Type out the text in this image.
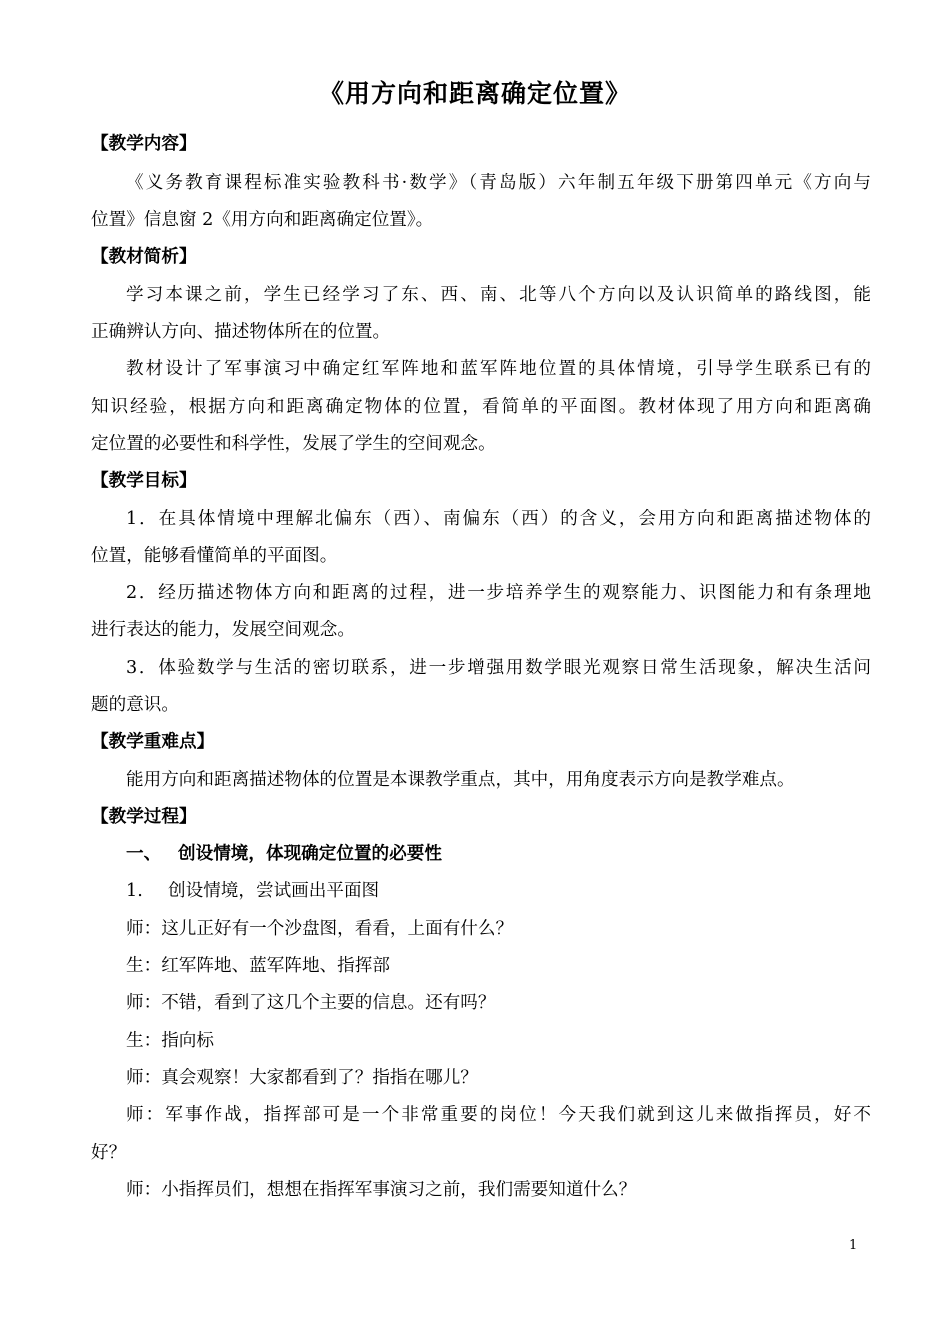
《用方向和距离确定位置》
【教学内容】
《义务教育课程标准实验教科书·数学》（青岛版）六年制五年级下册第四单元《方向与
位置》信息窗 2《用方向和距离确定位置》。
【教材简析】
学习本课之前，学生已经学习了东、西、南、北等八个方向以及认识简单的路线图，能
正确辨认方向、描述物体所在的位置。
教材设计了军事演习中确定红军阵地和蓝军阵地位置的具体情境，引导学生联系已有的
知识经验，根据方向和距离确定物体的位置，看简单的平面图。教材体现了用方向和距离确
定位置的必要性和科学性，发展了学生的空间观念。
【教学目标】
1．在具体情境中理解北偏东（西）、南偏东（西）的含义，会用方向和距离描述物体的
位置，能够看懂简单的平面图。
2．经历描述物体方向和距离的过程，进一步培养学生的观察能力、识图能力和有条理地
进行表达的能力，发展空间观念。
3．体验数学与生活的密切联系，进一步增强用数学眼光观察日常生活现象，解决生活问
题的意识。
【教学重难点】
能用方向和距离描述物体的位置是本课教学重点，其中，用角度表示方向是教学难点。
【教学过程】
一、 创设情境，体现确定位置的必要性
1. 创设情境，尝试画出平面图
师：这儿正好有一个沙盘图，看看，上面有什么？
生：红军阵地、蓝军阵地、指挥部
师：不错，看到了这几个主要的信息。还有吗？
生：指向标
师：真会观察！大家都看到了？指指在哪儿？
师：军事作战，指挥部可是一个非常重要的岗位！今天我们就到这儿来做指挥员，好不
好？
师：小指挥员们，想想在指挥军事演习之前，我们需要知道什么？
1
